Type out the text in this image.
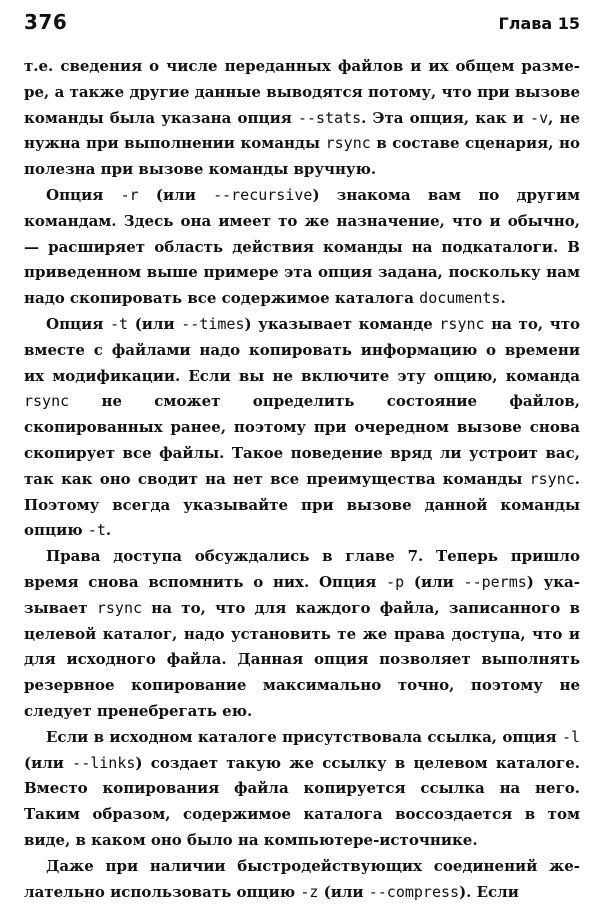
376	Глава 15

т.е. сведения о числе переданных файлов и их общем размере, а также другие данные выводятся потому, что при вызове команды была указана опция --stats. Эта опция, как и -v, не нужна при выполнении команды rsync в составе сценария, но полезна при вызове команды вручную.

Опция -r (или --recursive) знакома вам по другим командам. Здесь она имеет то же назначение, что и обычно, — расширяет область действия команды на подкаталоги. В приведенном выше примере эта опция задана, поскольку нам надо скопировать все содержимое каталога documents.

Опция -t (или --times) указывает команде rsync на то, что вместе с файлами надо копировать информацию о времени их модификации. Если вы не включите эту опцию, команда rsync не сможет определить состояние файлов, скопированных ранее, поэтому при очередном вызове снова скопирует все файлы. Такое поведение вряд ли устроит вас, так как оно сводит на нет все преимущества команды rsync. Поэтому всегда указывайте при вызове данной команды опцию -t.

Права доступа обсуждались в главе 7. Теперь пришло время снова вспомнить о них. Опция -p (или --perms) указывает rsync на то, что для каждого файла, записанного в целевой каталог, надо установить те же права доступа, что и для исходного файла. Данная опция позволяет выполнять резервное копирование максимально точно, поэтому не следует пренебрегать ею.

Если в исходном каталоге присутствовала ссылка, опция -l (или --links) создает такую же ссылку в целевом каталоге. Вместо копирования файла копируется ссылка на него. Таким образом, содержимое каталога воссоздается в том виде, в каком оно было на компьютере-источнике.

Даже при наличии быстродействующих соединений желательно использовать опцию -z (или --compress). Если
